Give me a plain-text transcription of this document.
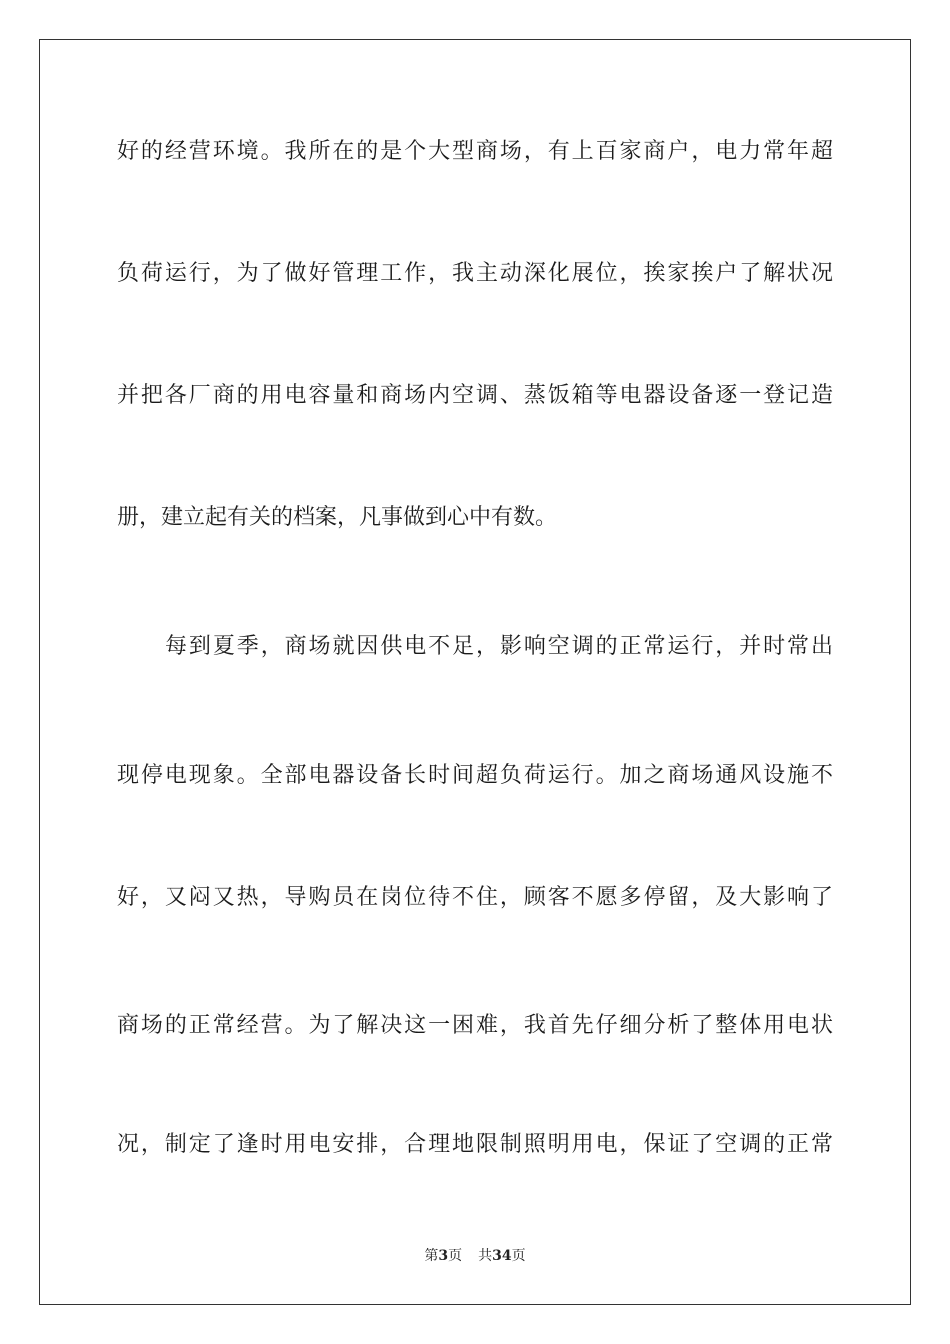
好的经营环境。我所在的是个大型商场，有上百家商户，电力常年超
负荷运行，为了做好管理工作，我主动深化展位，挨家挨户了解状况
并把各厂商的用电容量和商场内空调、蒸饭箱等电器设备逐一登记造
册，建立起有关的档案，凡事做到心中有数。
每到夏季，商场就因供电不足，影响空调的正常运行，并时常出
现停电现象。全部电器设备长时间超负荷运行。加之商场通风设施不
好，又闷又热，导购员在岗位待不住，顾客不愿多停留，及大影响了
商场的正常经营。为了解决这一困难，我首先仔细分析了整体用电状
况，制定了逢时用电安排，合理地限制照明用电，保证了空调的正常
第3页 共34页
